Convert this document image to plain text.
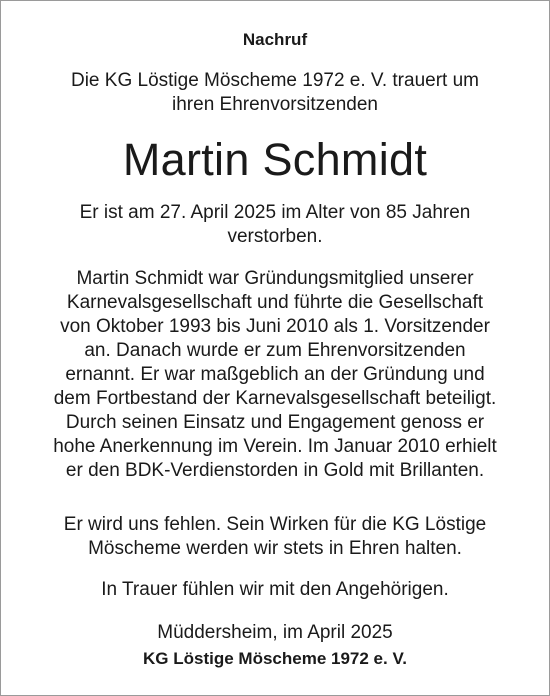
Nachruf
Die KG Löstige Möscheme 1972 e. V. trauert um
ihren Ehrenvorsitzenden
Martin Schmidt
Er ist am 27. April 2025 im Alter von 85 Jahren
verstorben.
Martin Schmidt war Gründungsmitglied unserer
Karnevalsgesellschaft und führte die Gesellschaft
von Oktober 1993 bis Juni 2010 als 1. Vorsitzender
an. Danach wurde er zum Ehrenvorsitzenden
ernannt. Er war maßgeblich an der Gründung und
dem Fortbestand der Karnevalsgesellschaft beteiligt.
Durch seinen Einsatz und Engagement genoss er
hohe Anerkennung im Verein. Im Januar 2010 erhielt
er den BDK-Verdienstorden in Gold mit Brillanten.
Er wird uns fehlen. Sein Wirken für die KG Löstige
Möscheme werden wir stets in Ehren halten.
In Trauer fühlen wir mit den Angehörigen.
Müddersheim, im April 2025
KG Löstige Möscheme 1972 e. V.
